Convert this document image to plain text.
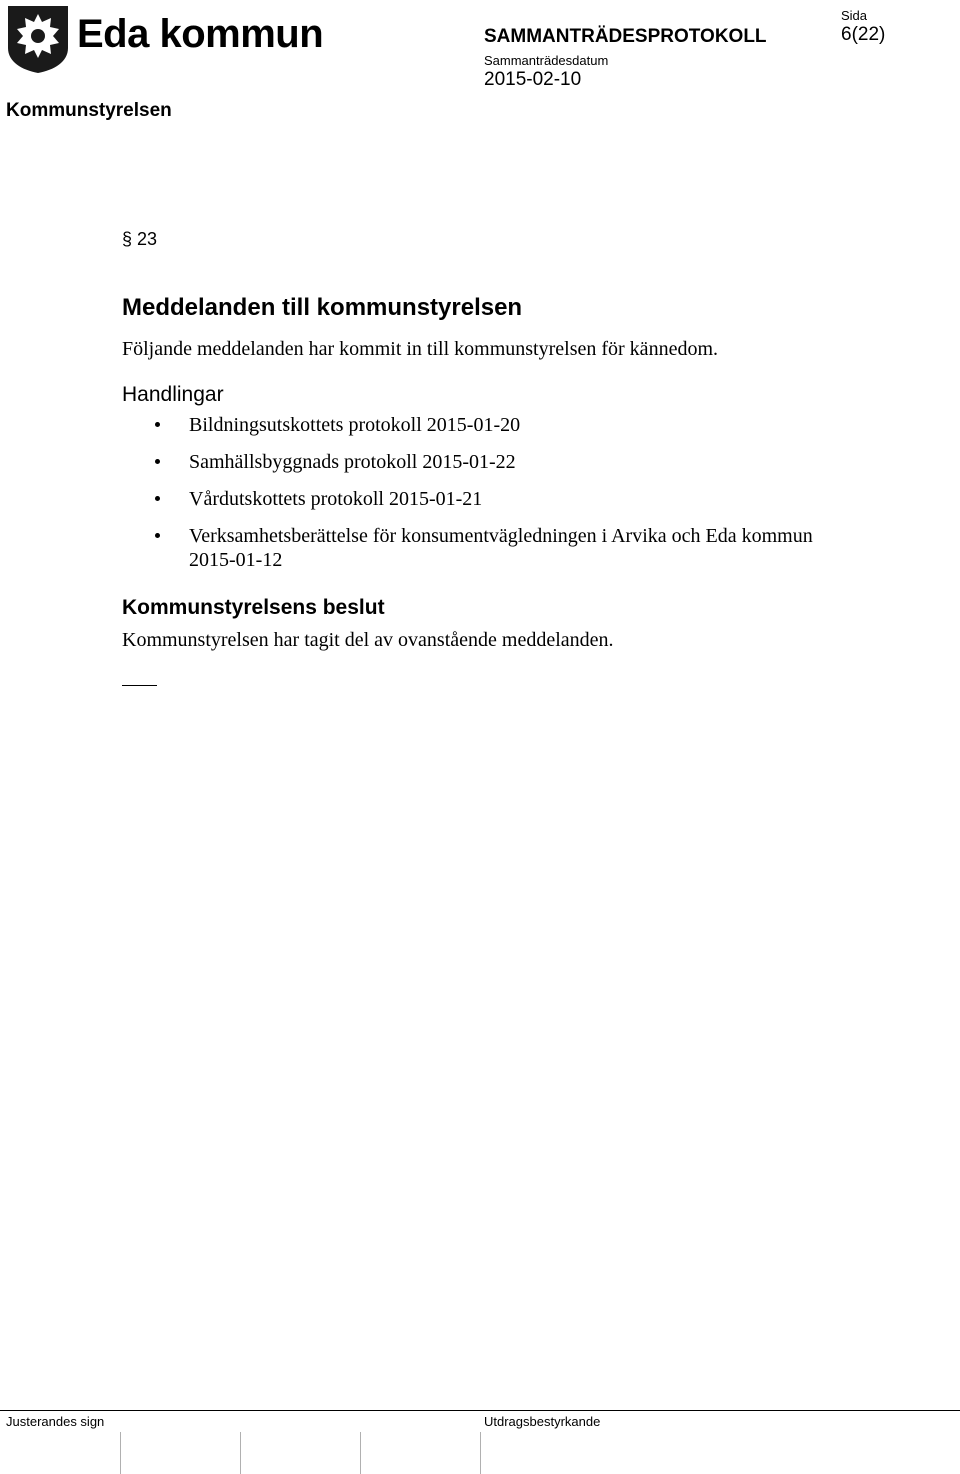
Eda kommun	SAMMANTRÄDESPROTOKOLL
Sammanträdesdatum
2015-02-10
Sida
6(22)
Kommunstyrelsen
§ 23
Meddelanden till kommunstyrelsen
Följande meddelanden har kommit in till kommunstyrelsen för kännedom.
Handlingar
Bildningsutskottets protokoll 2015-01-20
Samhällsbyggnads protokoll 2015-01-22
Vårdutskottets protokoll 2015-01-21
Verksamhetsberättelse för konsumentvägledningen i Arvika och Eda kommun 2015-01-12
Kommunstyrelsens beslut
Kommunstyrelsen har tagit del av ovanstående meddelanden.
Justerandes sign	Utdragsbestyrkande
